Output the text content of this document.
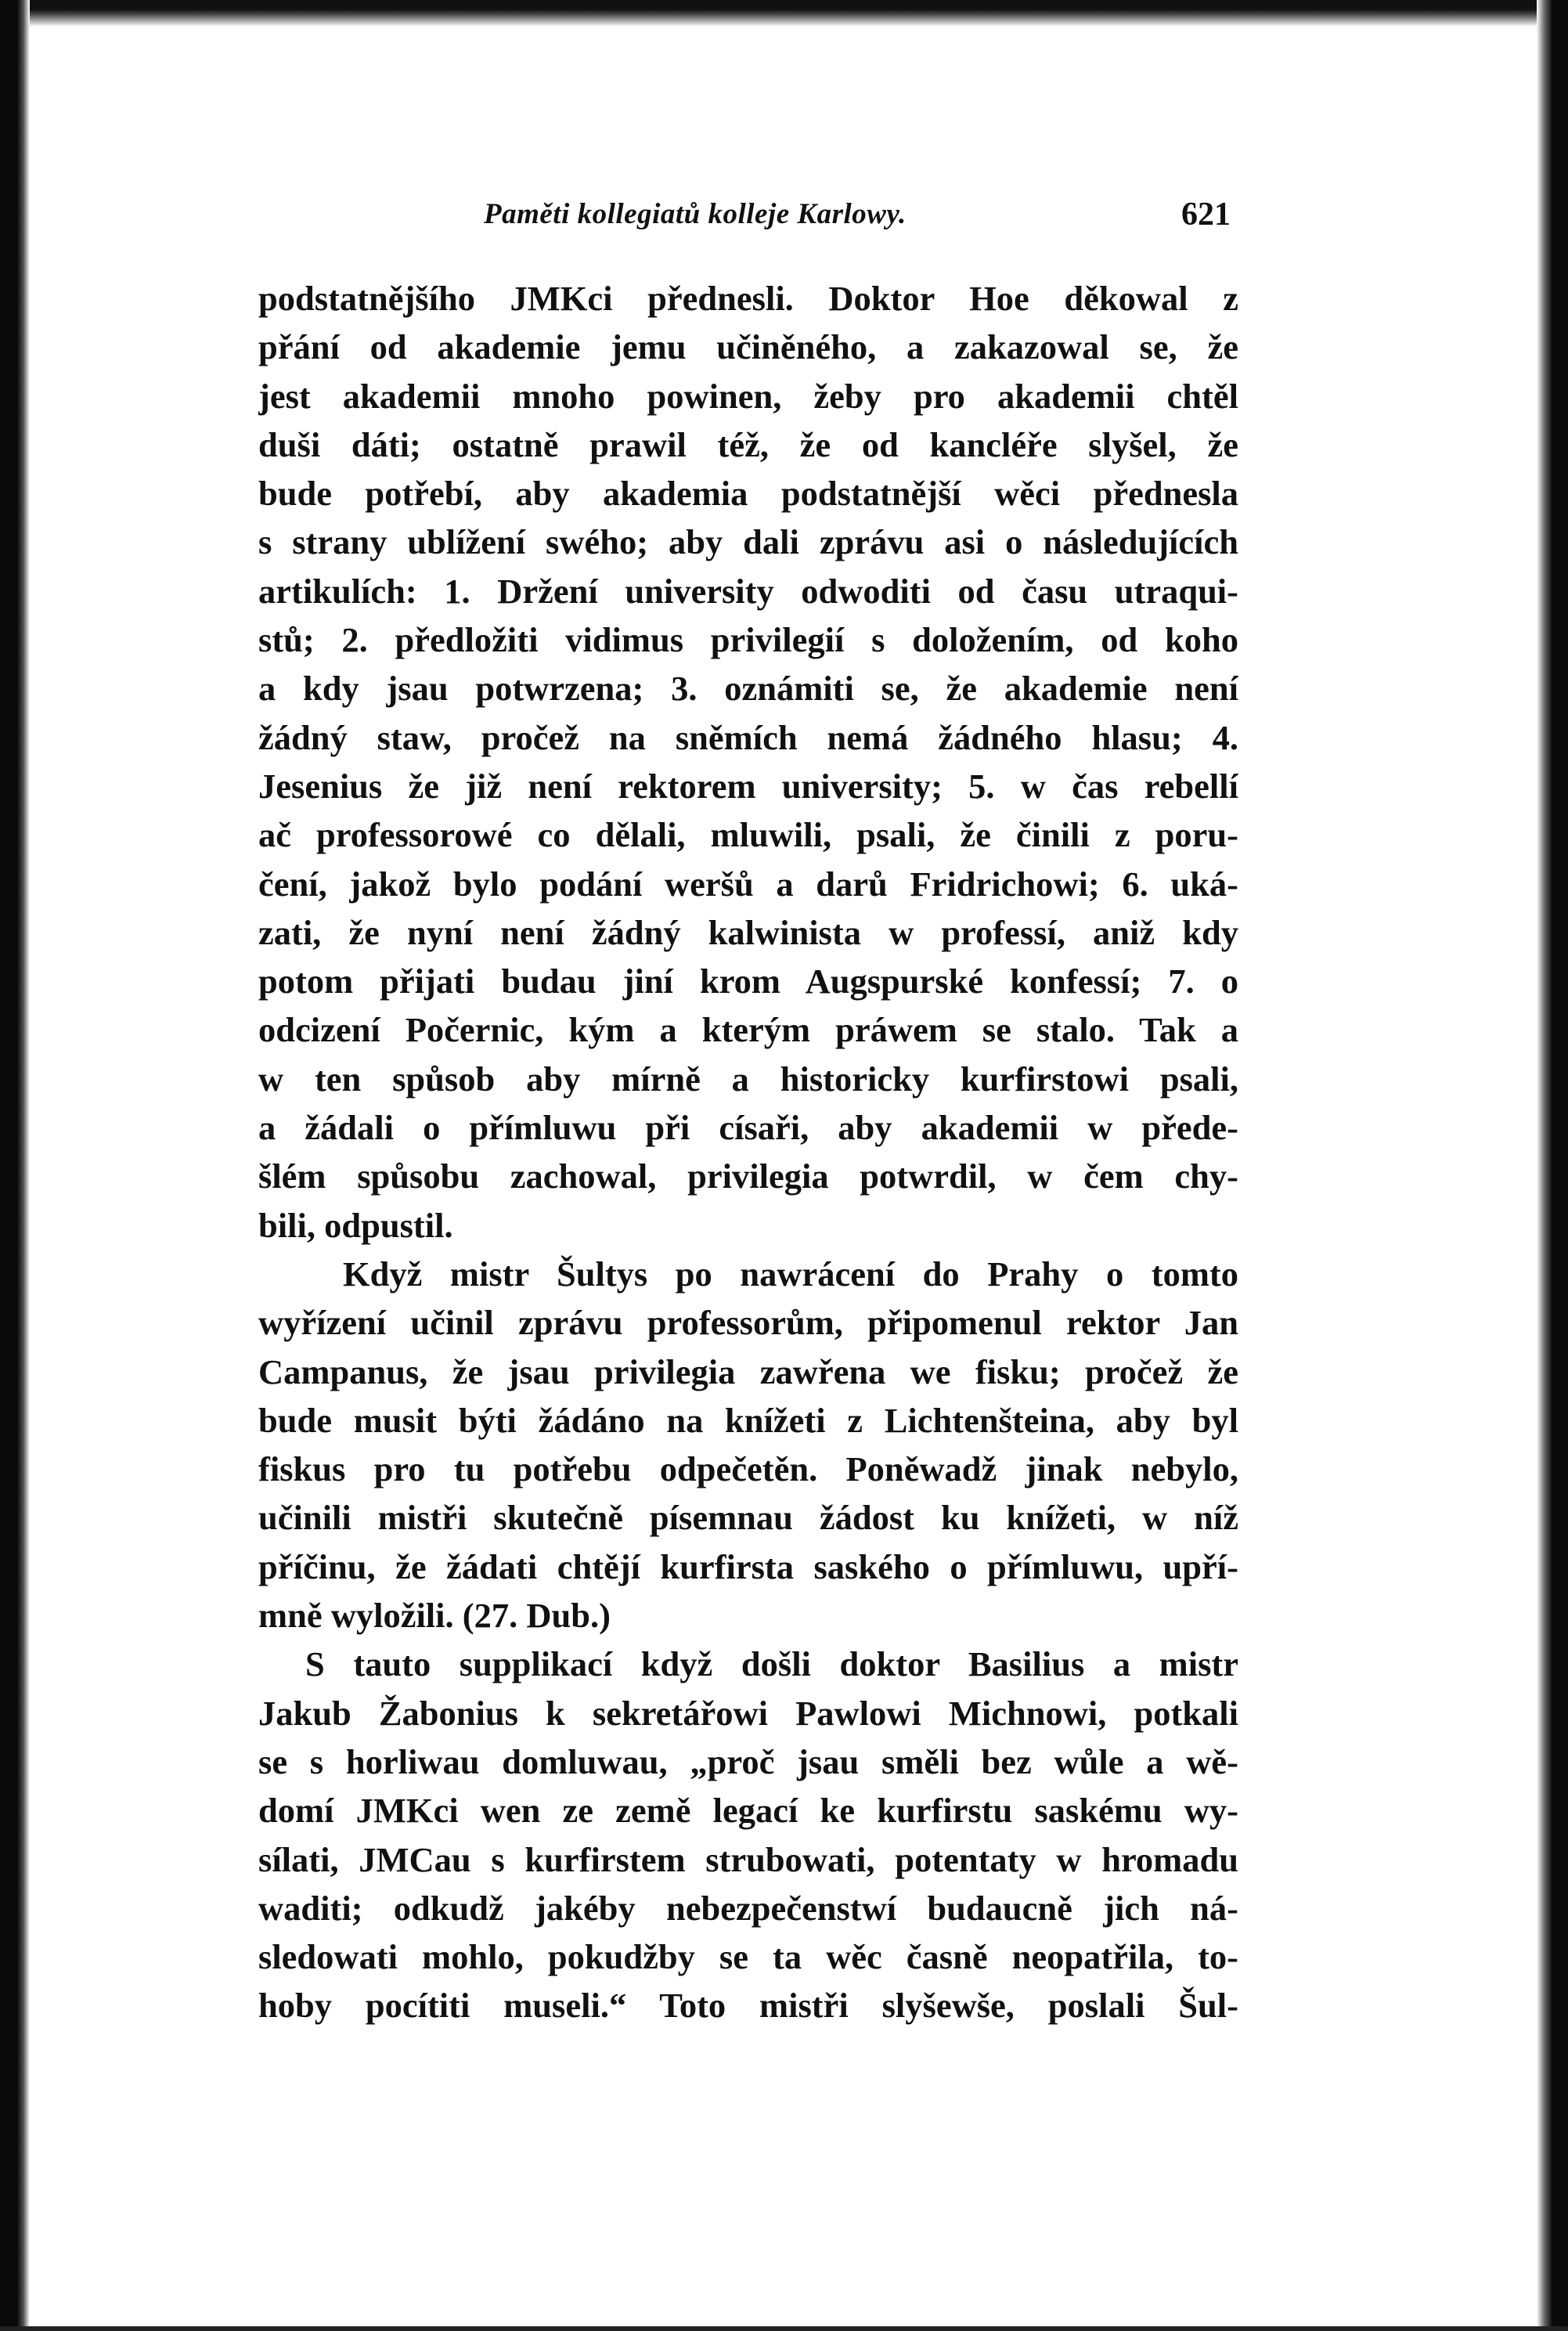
Paměti kollegiatů kolleje Karlowy.	621
podstatnějšího JMKci přednesli. Doktor Hoe děkowal z
přání od akademie jemu učiněného, a zakazowal se, že
jest akademii mnoho powinen, žeby pro akademii chtěl
duši dáti; ostatně prawil též, že od kancléře slyšel, že
bude potřebí, aby akademia podstatnější wěci přednesla
s strany ublížení swého; aby dali zprávu asi o následujících
artikulích: 1. Držení university odwoditi od času utraqui-
stů; 2. předložiti vidimus privilegií s doložením, od koho
a kdy jsau potwrzena; 3. oznámiti se, že akademie není
žádný staw, pročež na sněmích nemá žádného hlasu; 4.
Jesenius že již není rektorem university; 5. w čas rebellí
ač professorowé co dělali, mluwili, psali, že činili z poru-
čení, jakož bylo podání weršů a darů Fridrichowi; 6. uká-
zati, že nyní není žádný kalwinista w professí, aniž kdy
potom přijati budau jiní krom Augspurské konfessí; 7. o
odcizení Počernic, kým a kterým práwem se stalo. Tak a
w ten spůsob aby mírně a historicky kurfirstowi psali,
a žádali o přímluwu při císaři, aby akademii w přede-
šlém spůsobu zachowal, privilegia potwrdil, w čem chy-
bili, odpustil.
Když mistr Šultys po nawrácení do Prahy o tomto
wyřízení učinil zprávu professorům, připomenul rektor Jan
Campanus, že jsau privilegia zawřena we fisku; pročež že
bude musit býti žádáno na knížeti z Lichtenšteina, aby byl
fiskus pro tu potřebu odpečetěn. Poněwadž jinak nebylo,
učinili mistři skutečně písemnau žádost ku knížeti, w níž
příčinu, že žádati chtějí kurfirsta saského o přímluwu, upří-
mně wyložili. (27. Dub.)
S tauto supplikací když došli doktor Basilius a mistr
Jakub Žabonius k sekretářowi Pawlowi Michnowi, potkali
se s horliwau domluwau, „proč jsau směli bez wůle a wě-
domí JMKci wen ze země legací ke kurfirstu saskému wy-
sílati, JMCau s kurfirstem strubowati, potentaty w hromadu
waditi; odkudž jakéby nebezpečenstwí budaucně jich ná-
sledowati mohlo, pokudžby se ta wěc časně neopatřila, to-
hoby pocítiti museli.“ Toto mistři slyšewše, poslali Šul-
